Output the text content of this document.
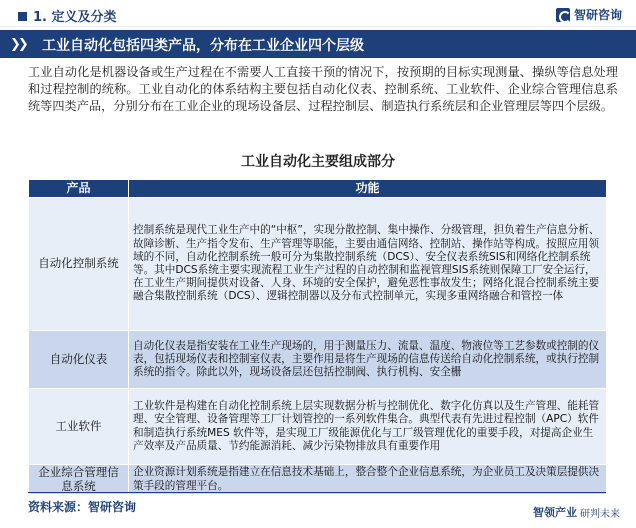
1. 定义及分类	智研咨询
❯❯ 工业自动化包括四类产品，分布在工业企业四个层级
工业自动化是机器设备或生产过程在不需要人工直接干预的情况下，按预期的目标实现测量、操纵等信息处理和过程控制的统称。工业自动化的体系结构主要包括自动化仪表、控制系统、工业软件、企业综合管理信息系统等四类产品，分别分布在工业企业的现场设备层、过程控制层、制造执行系统层和企业管理层等四个层级。
工业自动化主要组成部分
产品	功能
自动化控制系统	控制系统是现代工业生产中的“中枢”，实现分散控制、集中操作、分级管理，担负着生产信息分析、故障诊断、生产指令发布、生产管理等职能，主要由通信网络、控制站、操作站等构成。按照应用领域的不同，自动化控制系统一般可分为集散控制系统（DCS）、安全仪表系统SIS和网络化控制系统等。其中DCS系统主要实现流程工业生产过程的自动控制和监视管理SIS系统则保障工厂安全运行，在工业生产期间提供对设备、人身、环境的安全保护，避免恶性事故发生；网络化混合控制系统主要融合集散控制系统（DCS）、逻辑控制器以及分布式控制单元，实现多重网络融合和管控一体
自动化仪表	自动化仪表是指安装在工业生产现场的，用于测量压力、流量、温度、物液位等工艺参数或控制的仪表，包括现场仪表和控制室仪表，主要作用是将生产现场的信息传送给自动化控制系统，或执行控制系统的指令。除此以外，现场设备层还包括控制阀、执行机构、安全栅
工业软件	工业软件是构建在自动化控制系统上层实现数据分析与控制优化、数字化仿真以及生产管理、能耗管理、安全管理、设备管理等工厂计划管控的一系列软件集合。典型代表有先进过程控制（APC）软件和制造执行系统MES 软件等，是实现工厂级能源优化与工厂级管理优化的重要手段，对提高企业生产效率及产品质量、节约能源消耗、减少污染物排放具有重要作用
企业综合管理信息系统	企业资源计划系统是指建立在信息技术基础上，整合整个企业信息系统，为企业员工及决策层提供决策手段的管理平台。
资料来源：智研咨询	智领产业 研判未来
